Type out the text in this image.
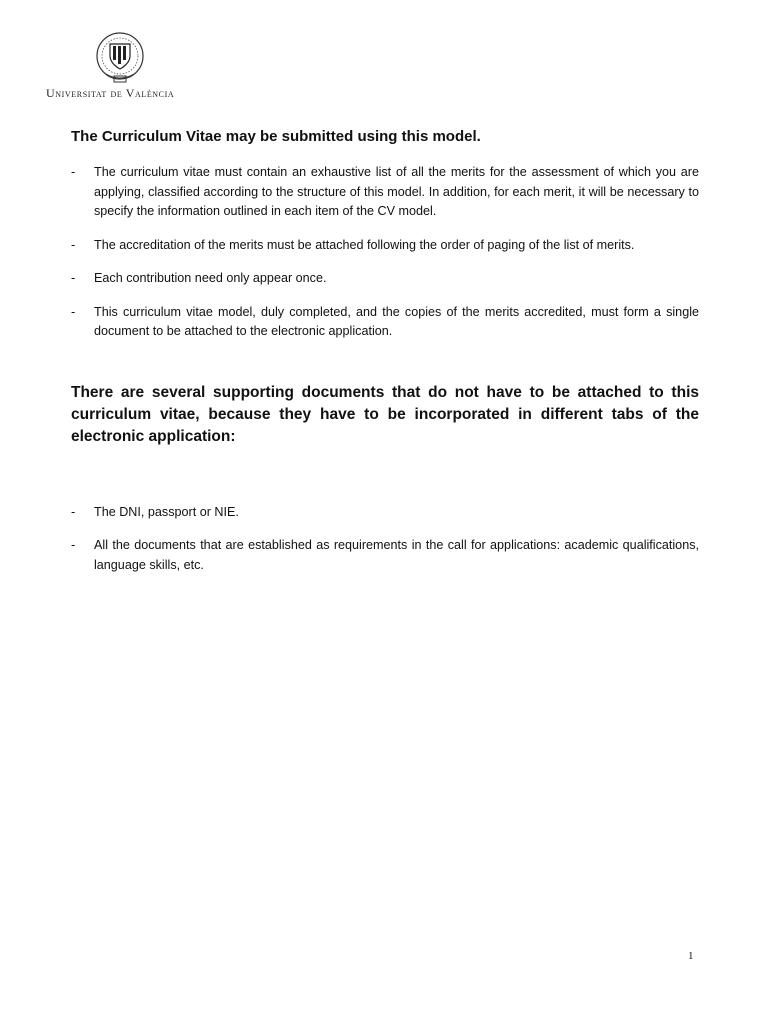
Universitat de València
The Curriculum Vitae may be submitted using this model.
- The curriculum vitae must contain an exhaustive list of all the merits for the assessment of which you are applying, classified according to the structure of this model. In addition, for each merit, it will be necessary to specify the information outlined in each item of the CV model.
- The accreditation of the merits must be attached following the order of paging of the list of merits.
- Each contribution need only appear once.
- This curriculum vitae model, duly completed, and the copies of the merits accredited, must form a single document to be attached to the electronic application.
There are several supporting documents that do not have to be attached to this curriculum vitae, because they have to be incorporated in different tabs of the electronic application:
- The DNI, passport or NIE.
- All the documents that are established as requirements in the call for applications: academic qualifications, language skills, etc.
1
